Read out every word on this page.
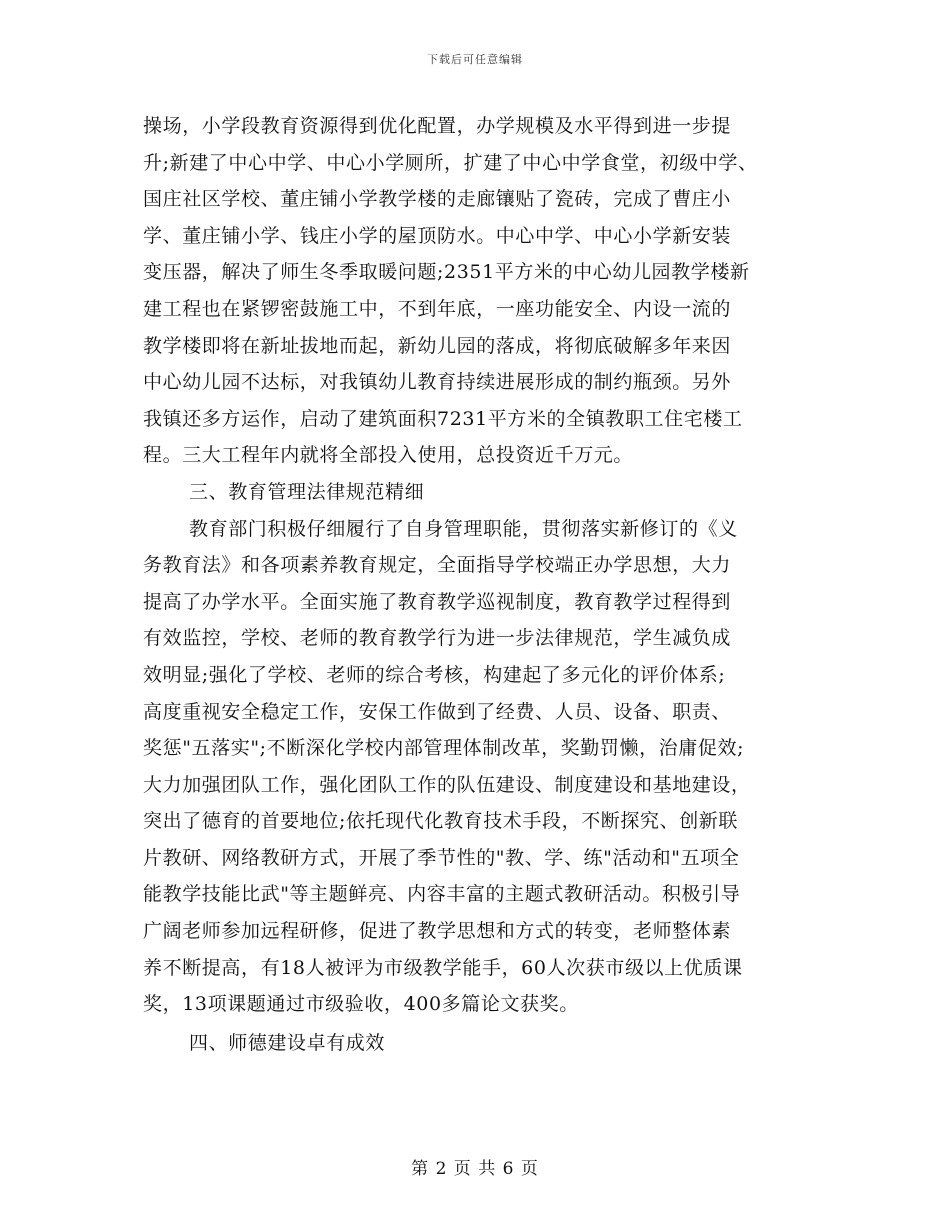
下载后可任意编辑
操场，小学段教育资源得到优化配置，办学规模及水平得到进一步提
升;新建了中心中学、中心小学厕所，扩建了中心中学食堂，初级中学、
国庄社区学校、董庄铺小学教学楼的走廊镶贴了瓷砖，完成了曹庄小
学、董庄铺小学、钱庄小学的屋顶防水。中心中学、中心小学新安装
变压器，解决了师生冬季取暖问题;2351平方米的中心幼儿园教学楼新
建工程也在紧锣密鼓施工中，不到年底，一座功能安全、内设一流的
教学楼即将在新址拔地而起，新幼儿园的落成，将彻底破解多年来因
中心幼儿园不达标，对我镇幼儿教育持续进展形成的制约瓶颈。另外
我镇还多方运作，启动了建筑面积7231平方米的全镇教职工住宅楼工
程。三大工程年内就将全部投入使用，总投资近千万元。
三、教育管理法律规范精细
教育部门积极仔细履行了自身管理职能，贯彻落实新修订的《义
务教育法》和各项素养教育规定，全面指导学校端正办学思想，大力
提高了办学水平。全面实施了教育教学巡视制度，教育教学过程得到
有效监控，学校、老师的教育教学行为进一步法律规范，学生减负成
效明显;强化了学校、老师的综合考核，构建起了多元化的评价体系;
高度重视安全稳定工作，安保工作做到了经费、人员、设备、职责、
奖惩"五落实";不断深化学校内部管理体制改革，奖勤罚懒，治庸促效;
大力加强团队工作，强化团队工作的队伍建设、制度建设和基地建设，
突出了德育的首要地位;依托现代化教育技术手段，不断探究、创新联
片教研、网络教研方式，开展了季节性的"教、学、练"活动和"五项全
能教学技能比武"等主题鲜亮、内容丰富的主题式教研活动。积极引导
广阔老师参加远程研修，促进了教学思想和方式的转变，老师整体素
养不断提高，有18人被评为市级教学能手，60人次获市级以上优质课
奖，13项课题通过市级验收，400多篇论文获奖。
四、师德建设卓有成效
第 2 页 共 6 页
